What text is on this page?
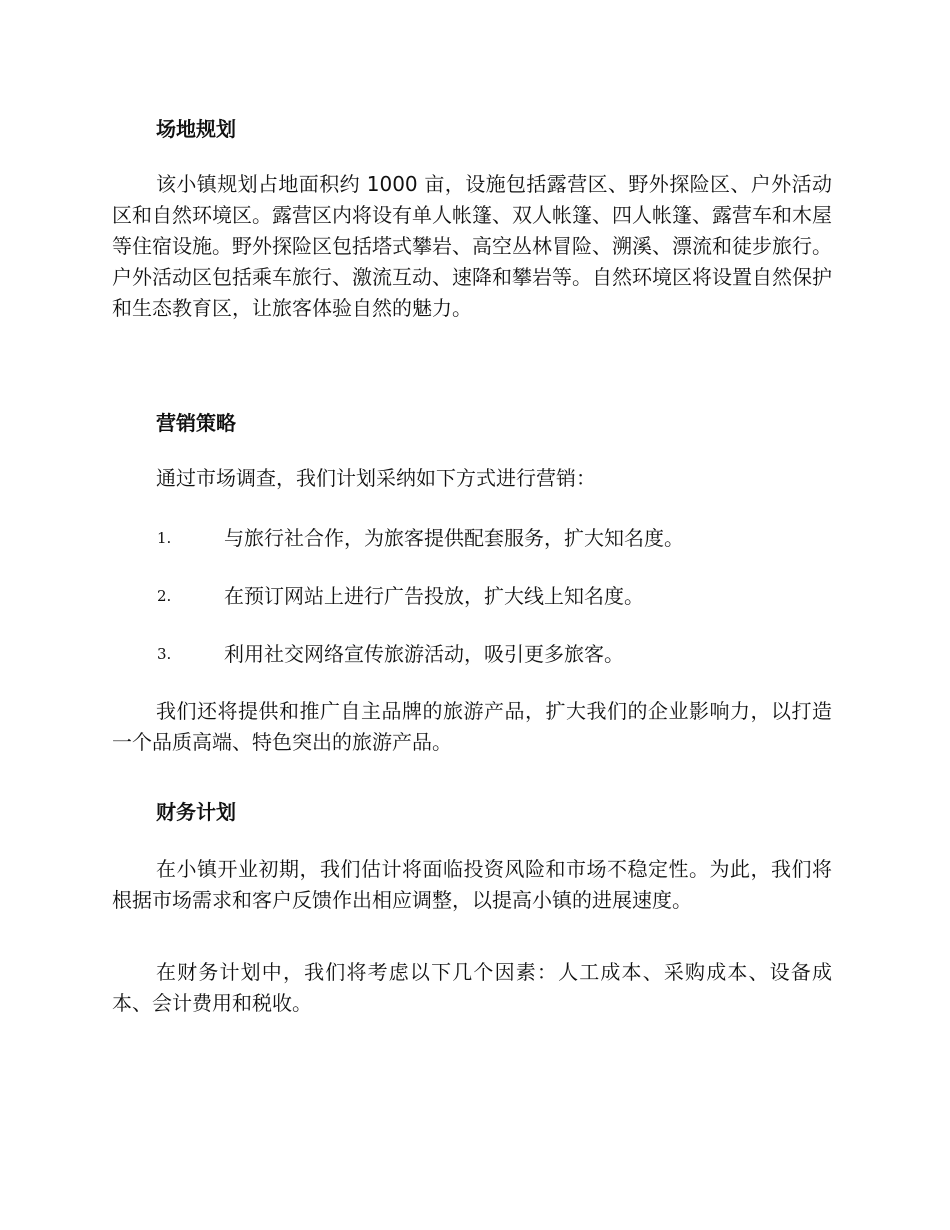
场地规划
该小镇规划占地面积约 1000 亩，设施包括露营区、野外探险区、户外活动区和自然环境区。露营区内将设有单人帐篷、双人帐篷、四人帐篷、露营车和木屋等住宿设施。野外探险区包括塔式攀岩、高空丛林冒险、溯溪、漂流和徒步旅行。户外活动区包括乘车旅行、激流互动、速降和攀岩等。自然环境区将设置自然保护和生态教育区，让旅客体验自然的魅力。
营销策略
通过市场调查，我们计划采纳如下方式进行营销：
1.	与旅行社合作，为旅客提供配套服务，扩大知名度。
2.	在预订网站上进行广告投放，扩大线上知名度。
3.	利用社交网络宣传旅游活动，吸引更多旅客。
我们还将提供和推广自主品牌的旅游产品，扩大我们的企业影响力，以打造一个品质高端、特色突出的旅游产品。
财务计划
在小镇开业初期，我们估计将面临投资风险和市场不稳定性。为此，我们将根据市场需求和客户反馈作出相应调整，以提高小镇的进展速度。
在财务计划中，我们将考虑以下几个因素：人工成本、采购成本、设备成本、会计费用和税收。
